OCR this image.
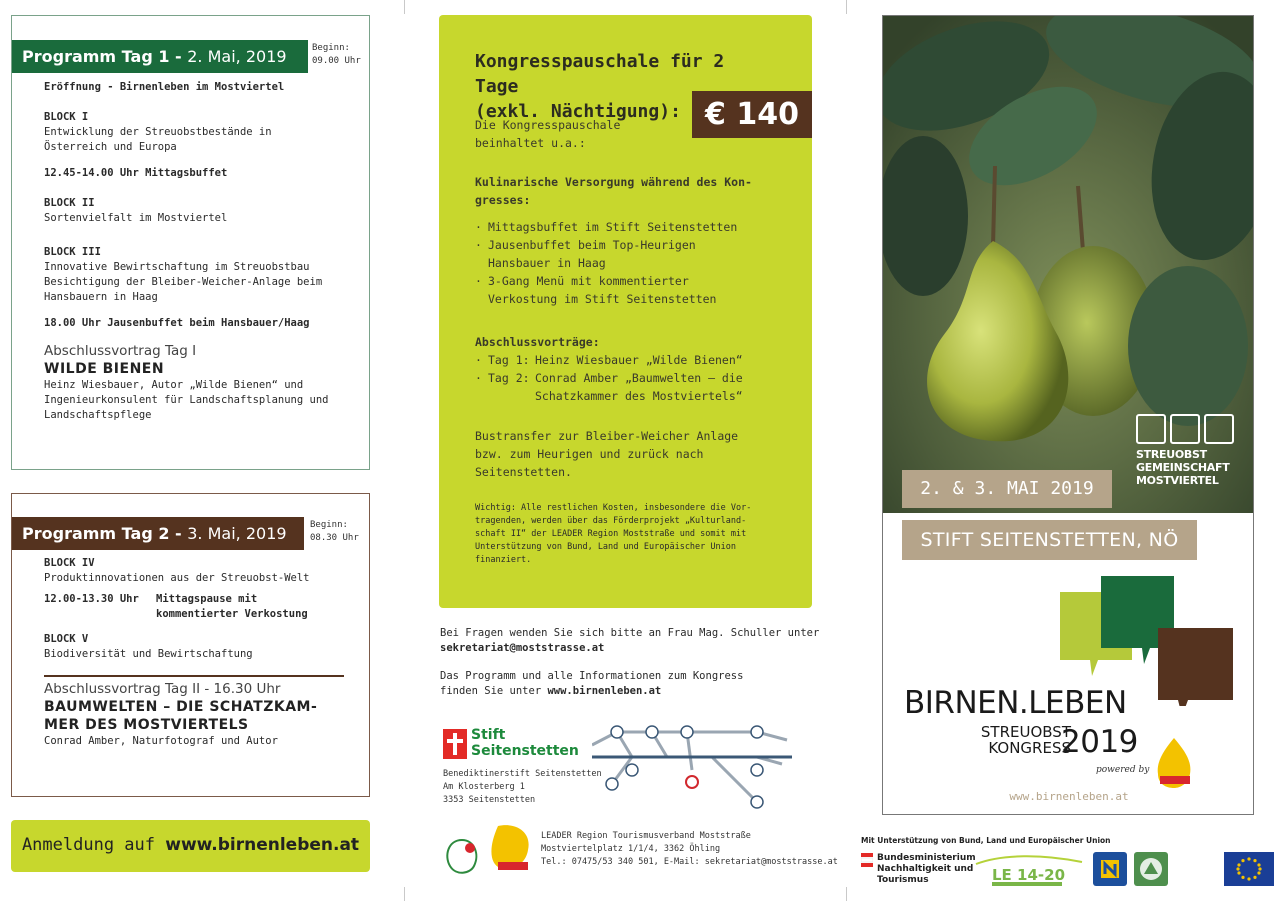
Programm Tag 1 - 2. Mai, 2019	Beginn:
09.00 Uhr
Eröffnung - Birnenleben im Mostviertel
BLOCK I
Entwicklung der Streuobstbestände in
Österreich und Europa
12.45-14.00 Uhr Mittagsbuffet
BLOCK II
Sortenvielfalt im Mostviertel
BLOCK III
Innovative Bewirtschaftung im Streuobstbau
Besichtigung der Bleiber-Weicher-Anlage beim
Hansbauern in Haag
18.00 Uhr Jausenbuffet beim Hansbauer/Haag
Abschlussvortrag Tag I
WILDE BIENEN
Heinz Wiesbauer, Autor „Wilde Bienen“ und
Ingenieurkonsulent für Landschaftsplanung und
Landschaftspflege
Programm Tag 2 - 3. Mai, 2019	Beginn:
08.30 Uhr
BLOCK IV
Produktinnovationen aus der Streuobst-Welt
12.00-13.30 Uhr	Mittagspause mit
kommentierter Verkostung
BLOCK V
Biodiversität und Bewirtschaftung
Abschlussvortrag Tag II - 16.30 Uhr
BAUMWELTEN – DIE SCHATZKAM-
MER DES MOSTVIERTELS
Conrad Amber, Naturfotograf und Autor
Anmeldung auf www.birnenleben.at
Kongresspauschale für 2 Tage
(exkl. Nächtigung): € 140
Die Kongresspauschale
beinhaltet u.a.:
Kulinarische Versorgung während des Kon-
gresses:
· Mittagsbuffet im Stift Seitenstetten
· Jausenbuffet beim Top-Heurigen
Hansbauer in Haag
· 3-Gang Menü mit kommentierter
Verkostung im Stift Seitenstetten
Abschlussvorträge:
· Tag 1: Heinz Wiesbauer „Wilde Bienen“
· Tag 2: Conrad Amber „Baumwelten – die
Schatzkammer des Mostviertels“
Bustransfer zur Bleiber-Weicher Anlage
bzw. zum Heurigen und zurück nach
Seitenstetten.
Wichtig: Alle restlichen Kosten, insbesondere die Vor-
tragenden, werden über das Förderprojekt „Kulturland-
schaft II“ der LEADER Region Moststraße und somit mit
Unterstützung von Bund, Land und Europäischer Union
finanziert.
Bei Fragen wenden Sie sich bitte an Frau Mag. Schuller unter
sekretariat@moststrasse.at
Das Programm und alle Informationen zum Kongress
finden Sie unter www.birnenleben.at
Stift
Seitenstetten
Benediktinerstift Seitenstetten
Am Klosterberg 1
3353 Seitenstetten
LEADER Region Tourismusverband Moststraße
Mostviertelplatz 1/1/4, 3362 Öhling
Tel.: 07475/53 340 501, E-Mail: sekretariat@moststrasse.at
STREUOBST
GEMEINSCHAFT
MOSTVIERTEL
2. & 3. MAI 2019
STIFT SEITENSTETTEN, NÖ
BIRNEN.LEBEN
STREUOBST
KONGRESS
2019
powered by
www.birnenleben.at
Mit Unterstützung von Bund, Land und Europäischer Union
Bundesministerium
Nachhaltigkeit und
Tourismus	LE 14-20
